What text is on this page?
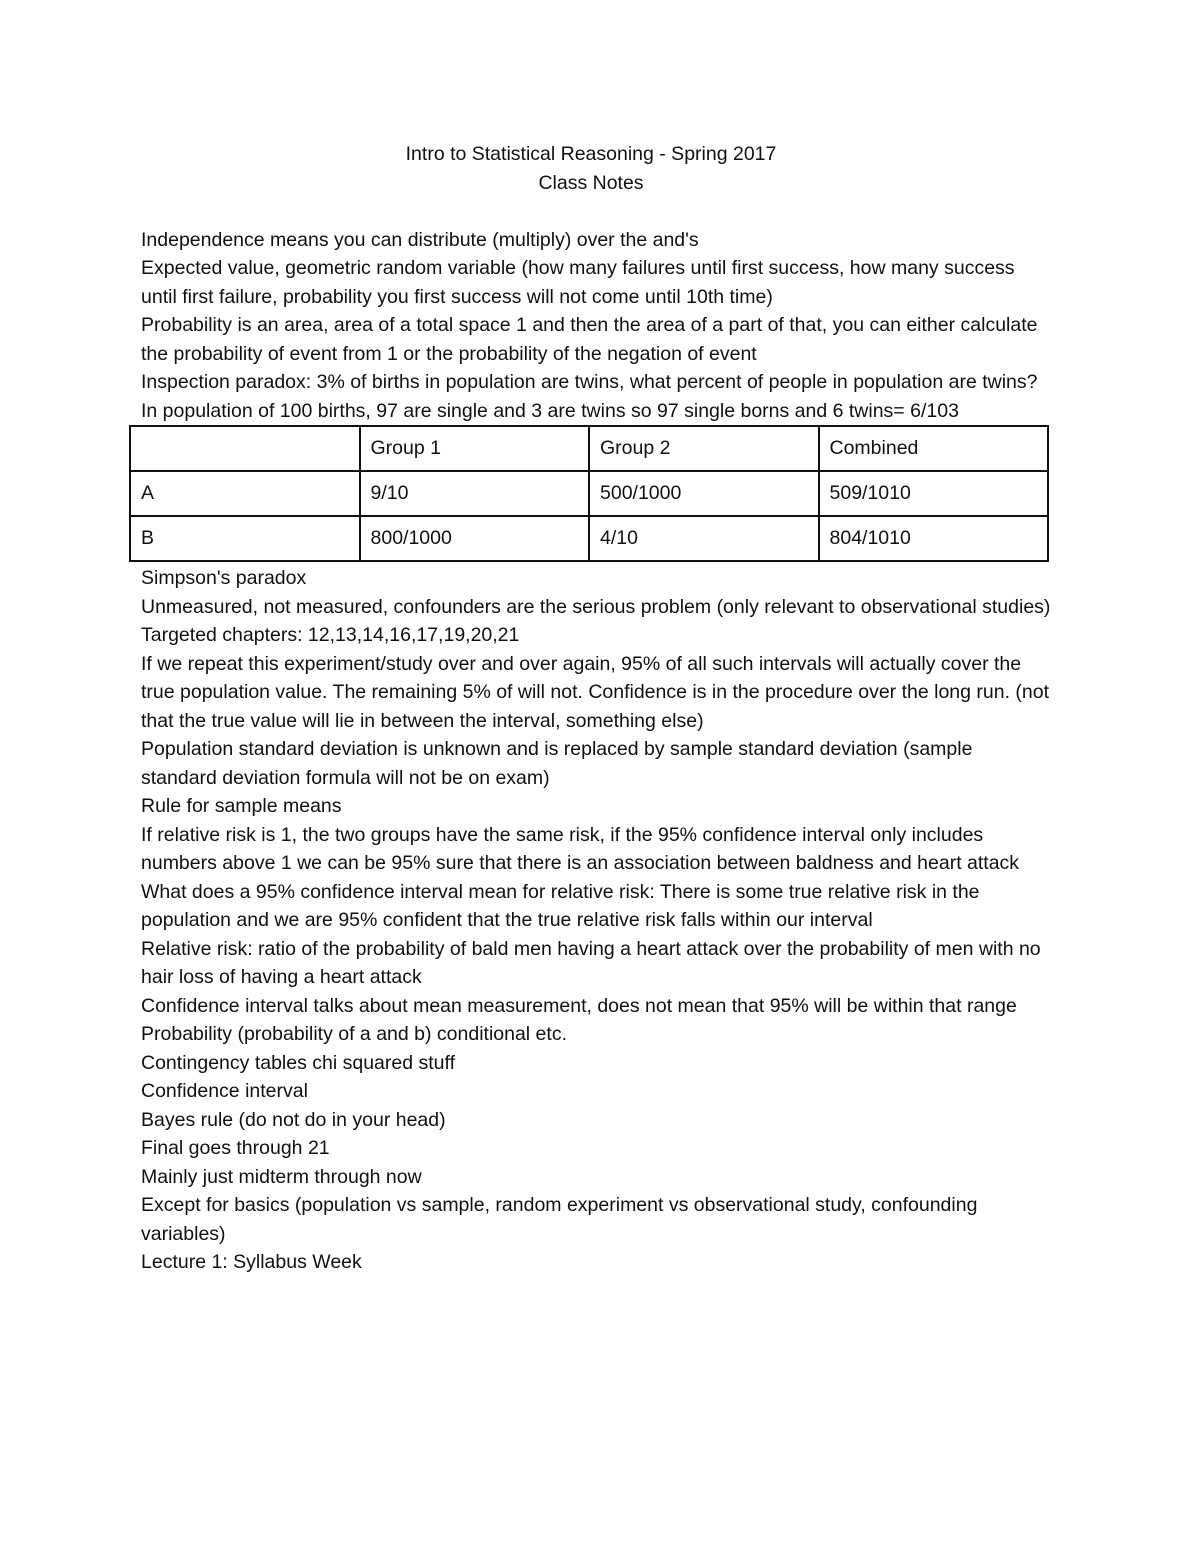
Intro to Statistical Reasoning - Spring 2017
Class Notes

Independence means you can distribute (multiply) over the and's

Expected value, geometric random variable (how many failures until first success, how many success until first failure, probability you first success will not come until 10th time)

Probability is an area, area of a total space 1 and then the area of a part of that, you can either calculate the probability of event from 1 or the probability of the negation of event

Inspection paradox: 3% of births in population are twins, what percent of people in population are twins? In population of 100 births, 97 are single and 3 are twins so 97 single borns and 6 twins= 6/103

	Group 1	Group 2	Combined
A	9/10	500/1000	509/1010
B	800/1000	4/10	804/1010

Simpson's paradox

Unmeasured, not measured, confounders are the serious problem (only relevant to observational studies)

Targeted chapters: 12,13,14,16,17,19,20,21

If we repeat this experiment/study over and over again, 95% of all such intervals will actually cover the true population value. The remaining 5% of will not. Confidence is in the procedure over the long run. (not that the true value will lie in between the interval, something else)

Population standard deviation is unknown and is replaced by sample standard deviation (sample standard deviation formula will not be on exam)

Rule for sample means

If relative risk is 1, the two groups have the same risk, if the 95% confidence interval only includes numbers above 1 we can be 95% sure that there is an association between baldness and heart attack

What does a 95% confidence interval mean for relative risk: There is some true relative risk in the population and we are 95% confident that the true relative risk falls within our interval

Relative risk: ratio of the probability of bald men having a heart attack over the probability of men with no hair loss of having a heart attack

Confidence interval talks about mean measurement, does not mean that 95% will be within that range

Probability (probability of a and b) conditional etc.

Contingency tables chi squared stuff

Confidence interval

Bayes rule (do not do in your head)

Final goes through 21

Mainly just midterm through now

Except for basics (population vs sample, random experiment vs observational study, confounding variables)

Lecture 1: Syllabus Week
